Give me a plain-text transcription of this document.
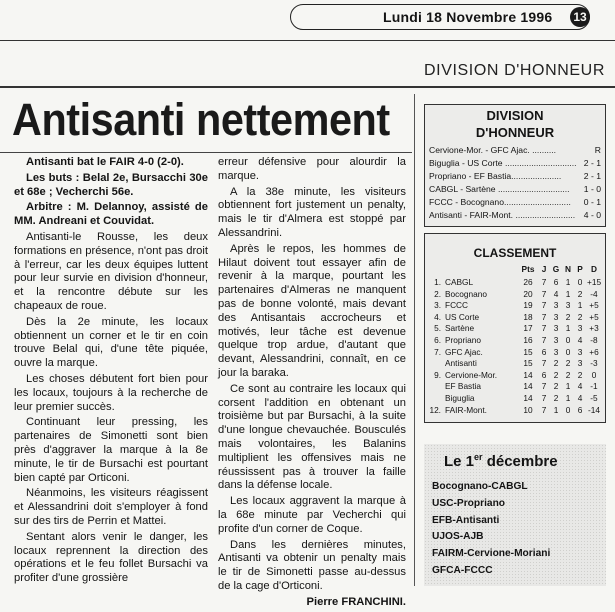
Lundi 18 Novembre 1996 13
DIVISION D'HONNEUR
Antisanti nettement

Antisanti bat le FAIR 4-0 (2-0).

Les buts : Belal 2e, Bursacchi 30e et 68e ; Vecherchi 56e.

Arbitre : M. Delannoy, assisté de MM. Andreani et Couvidat.

Antisanti-le Rousse, les deux formations en présence, n'ont pas droit à l'erreur, car les deux équipes luttent pour leur survie en division d'honneur, et la rencontre débute sur les chapeaux de roue.

Dès la 2e minute, les locaux obtiennent un corner et le tir en coin trouve Belal qui, d'une tête piquée, ouvre la marque.

Les choses débutent fort bien pour les locaux, toujours à la recherche de leur premier succès.

Continuant leur pressing, les partenaires de Simonetti sont bien près d'aggraver la marque à la 8e minute, le tir de Bursachi est pourtant bien capté par Orticoni.

Néanmoins, les visiteurs réagissent et Alessandrini doit s'employer à fond sur des tirs de Perrin et Mattei.

Sentant alors venir le danger, les locaux reprennent la direction des opérations et le feu follet Bursachi va profiter d'une grossière

erreur défensive pour alourdir la marque.

A la 38e minute, les visiteurs obtiennent fort justement un penalty, mais le tir d'Almera est stoppé par Alessandrini.

Après le repos, les hommes de Hilaut doivent tout essayer afin de revenir à la marque, pourtant les partenaires d'Almeras ne manquent pas de bonne volonté, mais devant des Antisantais accrocheurs et motivés, leur tâche est devenue quelque trop ardue, d'autant que devant, Alessandrini, connaît, en ce jour la baraka.

Ce sont au contraire les locaux qui corsent l'addition en obtenant un troisième but par Bursachi, à la suite d'une longue chevauchée. Bousculés mais volontaires, les Balanins multiplient les offensives mais ne réussissent pas à trouver la faille dans la défense locale.

Les locaux aggravent la marque à la 68e minute par Vecherchi qui profite d'un corner de Coque.

Dans les dernières minutes, Antisanti va obtenir un penalty mais le tir de Simonetti passe au-dessus de la cage d'Orticoni.

Pierre FRANCHINI.

DIVISION
D'HONNEUR
Cervione-Mor. - GFC Ajac. ..........	R
Biguglia - US Corte .............................. 2 - 1
Propriano - EF Bastia.....................	2 - 1
CABGL - Sartène .............................. 1 - 0
FCCC - Bocognano............................ 0 - 1
Antisanti - FAIR-Mont. ......................... 4 - 0
CLASSEMENT
Pts J G N P D
1. CABGL	26	7 6 1 0 +15
2. Bocognano	20	7 4 1 2 -4
3. FCCC	19	7 3 3 1 +5
4. US Corte	18	7 3 2 2 +5
5. Sartène	17	7 3 1 3 +3
6. Propriano	16	7 3 0 4 -8
7. GFC Ajac.	15	6 3 0 3 +6
Antisanti	15	7 2 2 3 -3
9. Cervione-Mor.	14	6 2 2 2	0
EF Bastia	14	7 2 1 4 -1
Biguglia	14	7 2 1 4 -5
12. FAIR-Mont.	10	7 1 0 6 -14
Le 1er décembre
Bocognano-CABGL
USC-Propriano
EFB-Antisanti
UJOS-AJB
FAIRM-Cervione-Moriani
GFCA-FCCC
